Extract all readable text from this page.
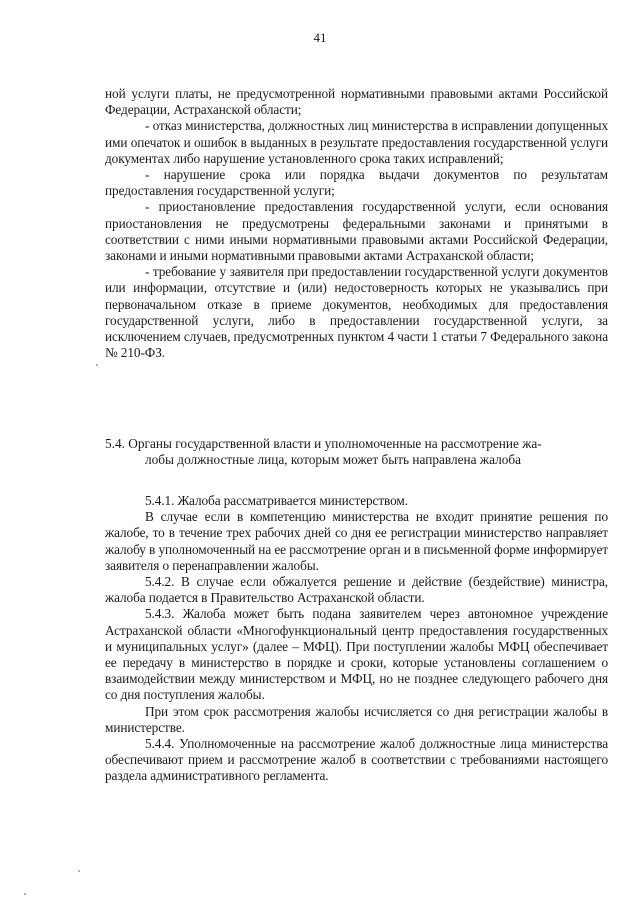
41

ной услуги платы, не предусмотренной нормативными правовыми актами Российской Федерации, Астраханской области;

- отказ министерства, должностных лиц министерства в исправлении допущенных ими опечаток и ошибок в выданных в результате предоставления государственной услуги документах либо нарушение установленного срока таких исправлений;

- нарушение срока или порядка выдачи документов по результатам предоставления государственной услуги;

- приостановление предоставления государственной услуги, если основания приостановления не предусмотрены федеральными законами и принятыми в соответствии с ними иными нормативными правовыми актами Российской Федерации, законами и иными нормативными правовыми актами Астраханской области;

- требование у заявителя при предоставлении государственной услуги документов или информации, отсутствие и (или) недостоверность которых не указывались при первоначальном отказе в приеме документов, необходимых для предоставления государственной услуги, либо в предоставлении государственной услуги, за исключением случаев, предусмотренных пунктом 4 части 1 статьи 7 Федерального закона № 210-ФЗ.

5.4. Органы государственной власти и уполномоченные на рассмотрение жа-
лобы должностные лица, которым может быть направлена жалоба

5.4.1. Жалоба рассматривается министерством.

В случае если в компетенцию министерства не входит принятие решения по жалобе, то в течение трех рабочих дней со дня ее регистрации министерство направляет жалобу в уполномоченный на ее рассмотрение орган и в письменной форме информирует заявителя о перенаправлении жалобы.

5.4.2. В случае если обжалуется решение и действие (бездействие) министра, жалоба подается в Правительство Астраханской области.

5.4.3. Жалоба может быть подана заявителем через автономное учреждение Астраханской области «Многофункциональный центр предоставления государственных и муниципальных услуг» (далее – МФЦ). При поступлении жалобы МФЦ обеспечивает ее передачу в министерство в порядке и сроки, которые установлены соглашением о взаимодействии между министерством и МФЦ, но не позднее следующего рабочего дня со дня поступления жалобы.

При этом срок рассмотрения жалобы исчисляется со дня регистрации жалобы в министерстве.

5.4.4. Уполномоченные на рассмотрение жалоб должностные лица министерства обеспечивают прием и рассмотрение жалоб в соответствии с требованиями настоящего раздела административного регламента.
